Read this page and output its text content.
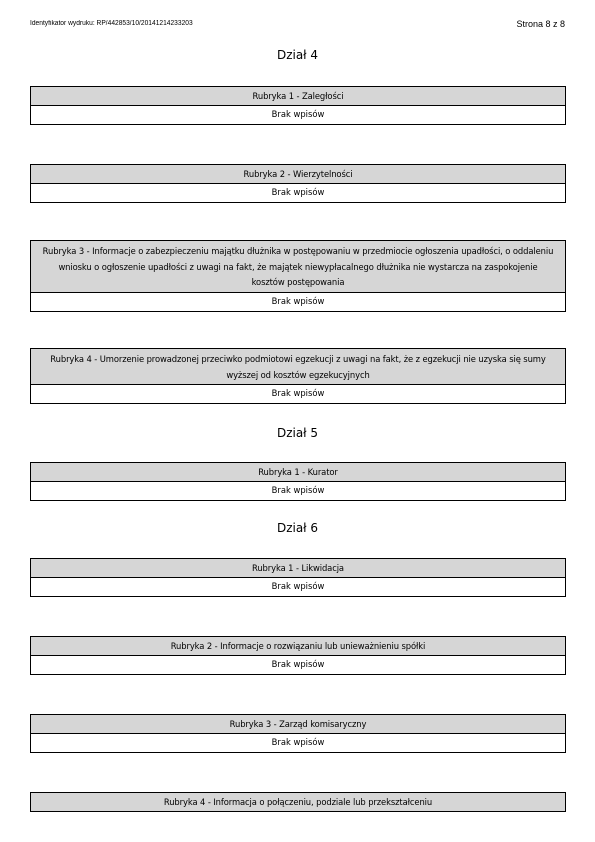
Identyfikator wydruku: RP/442853/10/20141214233203	Strona 8 z 8
Dział 4
Rubryka 1 - Zaległości
Brak wpisów
Rubryka 2 - Wierzytelności
Brak wpisów
Rubryka 3 - Informacje o zabezpieczeniu majątku dłużnika w postępowaniu w przedmiocie ogłoszenia upadłości, o oddaleniu wniosku o ogłoszenie upadłości z uwagi na fakt, że majątek niewypłacalnego dłużnika nie wystarcza na zaspokojenie kosztów postępowania
Brak wpisów
Rubryka 4 - Umorzenie prowadzonej przeciwko podmiotowi egzekucji z uwagi na fakt, że z egzekucji nie uzyska się sumy wyższej od kosztów egzekucyjnych
Brak wpisów
Dział 5
Rubryka 1 - Kurator
Brak wpisów
Dział 6
Rubryka 1 - Likwidacja
Brak wpisów
Rubryka 2 - Informacje o rozwiązaniu lub unieważnieniu spółki
Brak wpisów
Rubryka 3 - Zarząd komisaryczny
Brak wpisów
Rubryka 4 - Informacja o połączeniu, podziale lub przekształceniu
